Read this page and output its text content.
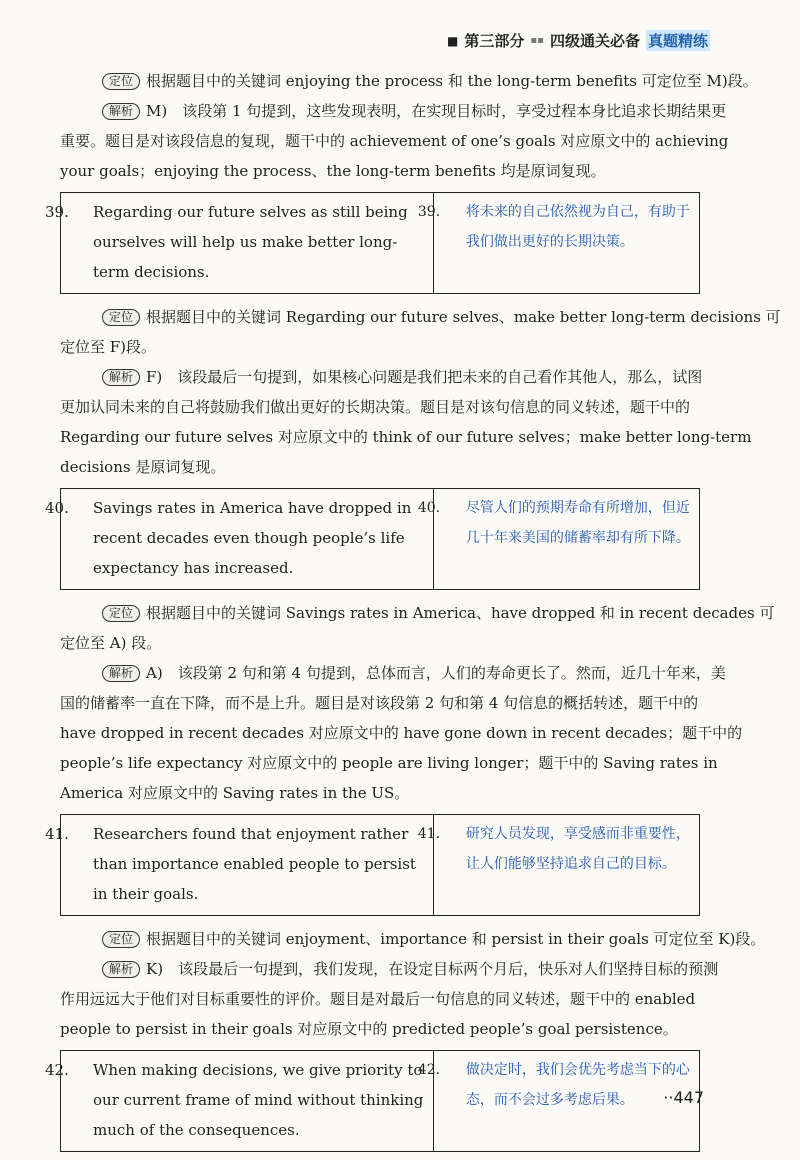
■ 第三部分 ▪▪ 四级通关必备 真题精练

定位 根据题目中的关键词 enjoying the process 和 the long-term benefits 可定位至 M)段。

解析 M)　该段第 1 句提到，这些发现表明，在实现目标时，享受过程本身比追求长期结果更

重要。题目是对该段信息的复现，题干中的 achievement of one’s goals 对应原文中的 achieving

your goals；enjoying the process、the long-term benefits 均是原词复现。

39. Regarding our future selves as still being ourselves will help us make better long-term decisions.

39. 将未来的自己依然视为自己，有助于我们做出更好的长期决策。

定位 根据题目中的关键词 Regarding our future selves、make better long-term decisions 可

定位至 F)段。

解析 F)　该段最后一句提到，如果核心问题是我们把未来的自己看作其他人，那么，试图

更加认同未来的自己将鼓励我们做出更好的长期决策。题目是对该句信息的同义转述，题干中的

Regarding our future selves 对应原文中的 think of our future selves；make better long-term

decisions 是原词复现。

40. Savings rates in America have dropped in recent decades even though people’s life expectancy has increased.

40. 尽管人们的预期寿命有所增加，但近几十年来美国的储蓄率却有所下降。

定位 根据题目中的关键词 Savings rates in America、have dropped 和 in recent decades 可

定位至 A) 段。

解析 A)　该段第 2 句和第 4 句提到，总体而言，人们的寿命更长了。然而，近几十年来，美

国的储蓄率一直在下降，而不是上升。题目是对该段第 2 句和第 4 句信息的概括转述，题干中的

have dropped in recent decades 对应原文中的 have gone down in recent decades；题干中的

people’s life expectancy 对应原文中的 people are living longer；题干中的 Saving rates in

America 对应原文中的 Saving rates in the US。

41. Researchers found that enjoyment rather than importance enabled people to persist in their goals.

41. 研究人员发现，享受感而非重要性，让人们能够坚持追求自己的目标。

定位 根据题目中的关键词 enjoyment、importance 和 persist in their goals 可定位至 K)段。

解析 K)　该段最后一句提到，我们发现，在设定目标两个月后，快乐对人们坚持目标的预测

作用远远大于他们对目标重要性的评价。题目是对最后一句信息的同义转述，题干中的 enabled

people to persist in their goals 对应原文中的 predicted people’s goal persistence。

42. When making decisions, we give priority to our current frame of mind without thinking much of the consequences.

42. 做决定时，我们会优先考虑当下的心态，而不会过多考虑后果。	··447
